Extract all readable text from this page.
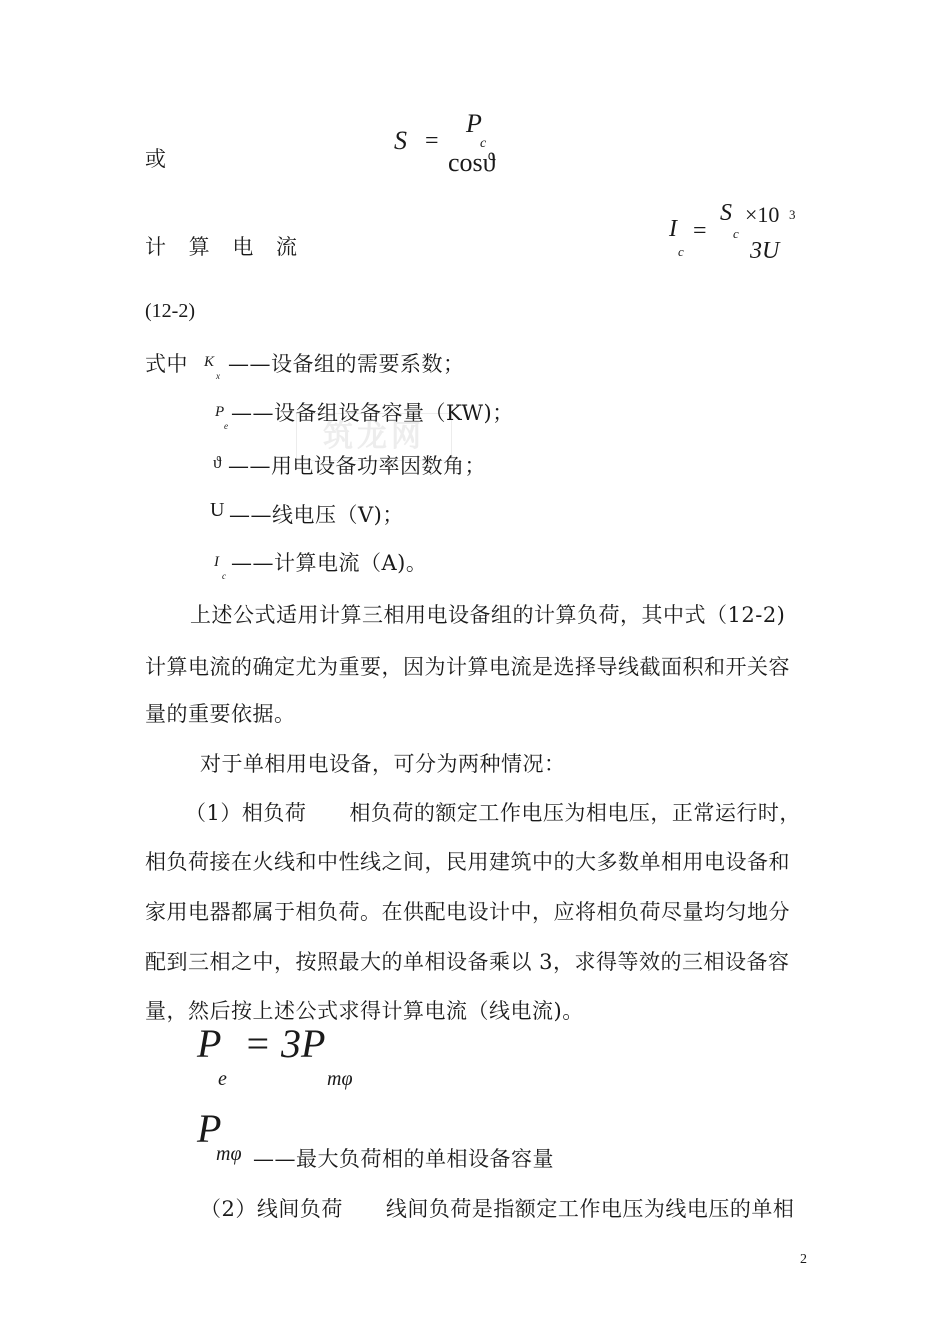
或
S =
P
c
cosϑ
计 算 电 流
I
c
=
S
c
×10 3
3U
(12-2)
式中 K
x ——设备组的需要系数；
P
e	筑龙网
——设备组设备容量（KW)；
ϑ ——用电设备功率因数角；
U ——线电压（V)；
I
c
——计算电流（A)。
上述公式适用计算三相用电设备组的计算负荷，其中式（12-2)
计算电流的确定尤为重要，因为计算电流是选择导线截面积和开关容
量的重要依据。
对于单相用电设备，可分为两种情况：
（1）相负荷　　相负荷的额定工作电压为相电压，正常运行时，
相负荷接在火线和中性线之间，民用建筑中的大多数单相用电设备和
家用电器都属于相负荷。在供配电设计中，应将相负荷尽量均匀地分
配到三相之中，按照最大的单相设备乘以 3，求得等效的三相设备容
量，然后按上述公式求得计算电流（线电流)。
P
e
= 3P
mφ
P
mφ ——最大负荷相的单相设备容量
（2）线间负荷　　线间负荷是指额定工作电压为线电压的单相
2
